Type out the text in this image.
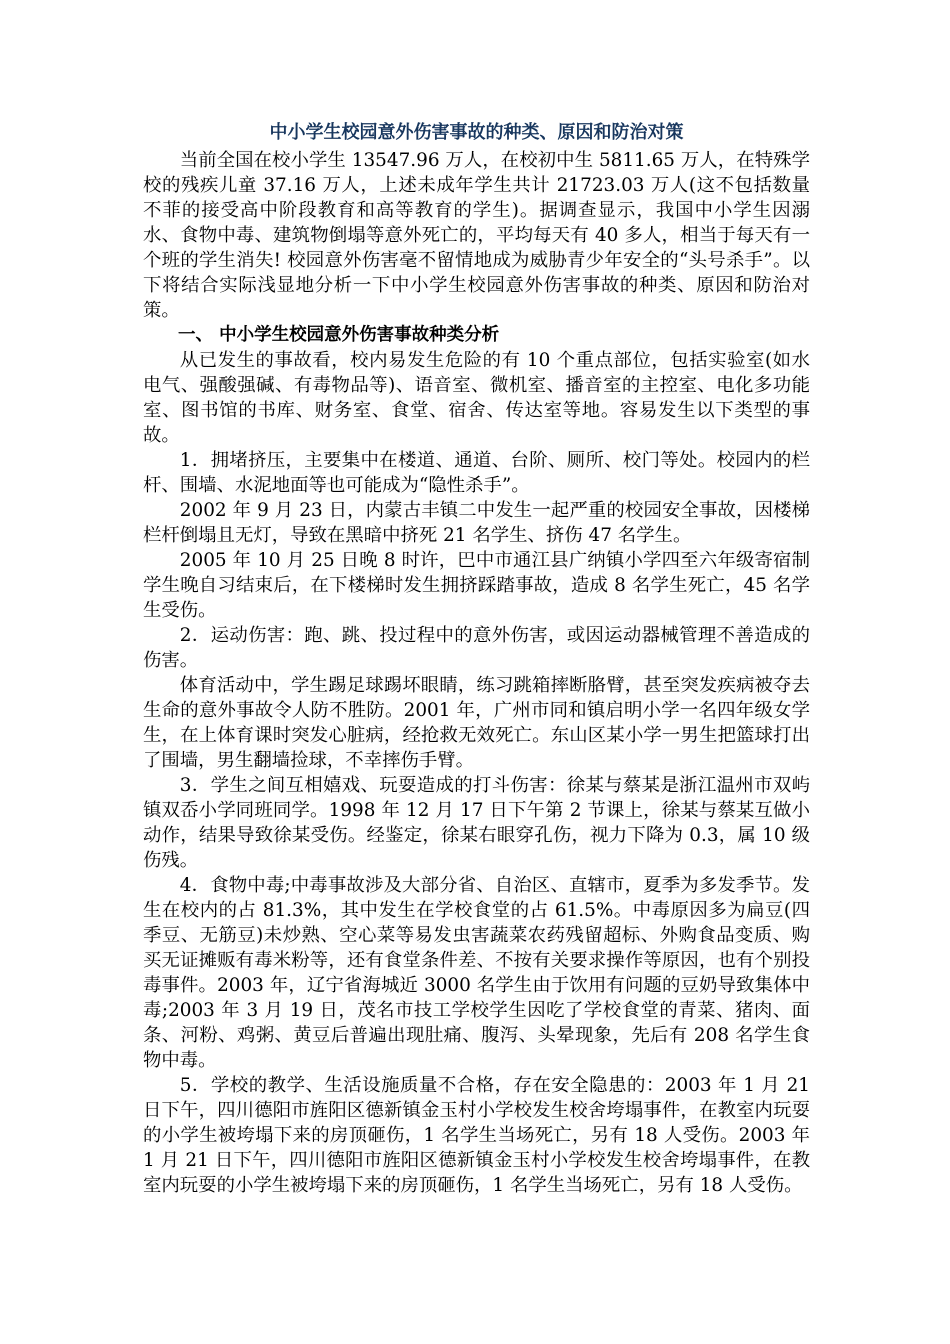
中小学生校园意外伤害事故的种类、原因和防治对策

当前全国在校小学生 13547.96 万人，在校初中生 5811.65 万人，在特殊学校的残疾儿童 37.16 万人，上述未成年学生共计 21723.03 万人(这不包括数量不菲的接受高中阶段教育和高等教育的学生)。据调查显示，我国中小学生因溺水、食物中毒、建筑物倒塌等意外死亡的，平均每天有 40 多人，相当于每天有一个班的学生消失! 校园意外伤害毫不留情地成为威胁青少年安全的“头号杀手”。以下将结合实际浅显地分析一下中小学生校园意外伤害事故的种类、原因和防治对策。

一、 中小学生校园意外伤害事故种类分析

从已发生的事故看，校内易发生危险的有 10 个重点部位，包括实验室(如水电气、强酸强碱、有毒物品等)、语音室、微机室、播音室的主控室、电化多功能室、图书馆的书库、财务室、食堂、宿舍、传达室等地。容易发生以下类型的事故。

1．拥堵挤压，主要集中在楼道、通道、台阶、厕所、校门等处。校园内的栏杆、围墙、水泥地面等也可能成为“隐性杀手”。

2002 年 9 月 23 日，内蒙古丰镇二中发生一起严重的校园安全事故，因楼梯栏杆倒塌且无灯，导致在黑暗中挤死 21 名学生、挤伤 47 名学生。

2005 年 10 月 25 日晚 8 时许，巴中市通江县广纳镇小学四至六年级寄宿制学生晚自习结束后，在下楼梯时发生拥挤踩踏事故，造成 8 名学生死亡，45 名学生受伤。

2．运动伤害：跑、跳、投过程中的意外伤害，或因运动器械管理不善造成的伤害。

体育活动中，学生踢足球踢坏眼睛，练习跳箱摔断胳臂，甚至突发疾病被夺去生命的意外事故令人防不胜防。2001 年，广州市同和镇启明小学一名四年级女学生，在上体育课时突发心脏病，经抢救无效死亡。东山区某小学一男生把篮球打出了围墙，男生翻墙捡球，不幸摔伤手臂。

3．学生之间互相嬉戏、玩耍造成的打斗伤害：徐某与蔡某是浙江温州市双屿镇双岙小学同班同学。1998 年 12 月 17 日下午第 2 节课上，徐某与蔡某互做小动作，结果导致徐某受伤。经鉴定，徐某右眼穿孔伤，视力下降为 0.3，属 10 级伤残。

4．食物中毒;中毒事故涉及大部分省、自治区、直辖市，夏季为多发季节。发生在校内的占 81.3%，其中发生在学校食堂的占 61.5%。中毒原因多为扁豆(四季豆、无筋豆)未炒熟、空心菜等易发虫害蔬菜农药残留超标、外购食品变质、购买无证摊贩有毒米粉等，还有食堂条件差、不按有关要求操作等原因，也有个别投毒事件。2003 年，辽宁省海城近 3000 名学生由于饮用有问题的豆奶导致集体中毒;2003 年 3 月 19 日，茂名市技工学校学生因吃了学校食堂的青菜、猪肉、面条、河粉、鸡粥、黄豆后普遍出现肚痛、腹泻、头晕现象，先后有 208 名学生食物中毒。

5．学校的教学、生活设施质量不合格，存在安全隐患的：2003 年 1 月 21 日下午，四川德阳市旌阳区德新镇金玉村小学校发生校舍垮塌事件，在教室内玩耍的小学生被垮塌下来的房顶砸伤，1 名学生当场死亡，另有 18 人受伤。2003 年 1 月 21 日下午，四川德阳市旌阳区德新镇金玉村小学校发生校舍垮塌事件，在教室内玩耍的小学生被垮塌下来的房顶砸伤，1 名学生当场死亡，另有 18 人受伤。
